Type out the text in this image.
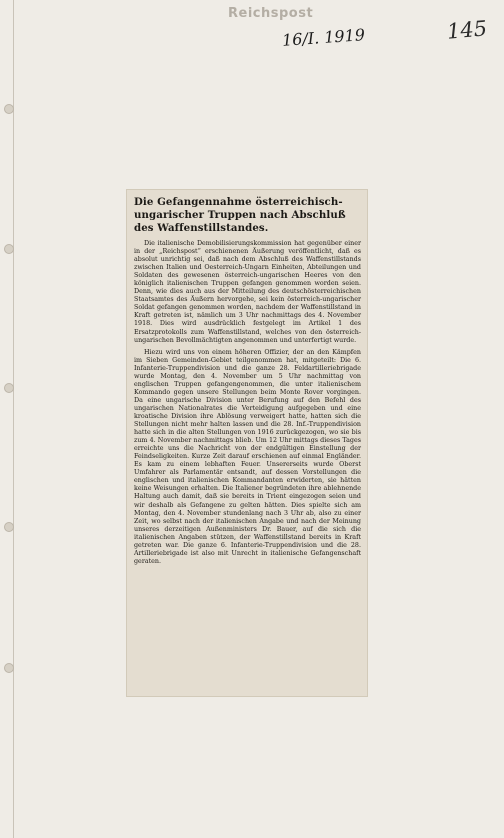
Reichspost
16/I. 1919	145
Die Gefangennahme österreichisch-ungarischer Truppen nach Abschluß des Waffenstillstandes.

Die italienische Demobilisierungskommission hat gegenüber einer in der „Reichspost“ erschienenen Äußerung veröffentlicht, daß es absolut unrichtig sei, daß nach dem Abschluß des Waffenstillstands zwischen Italien und Oesterreich-Ungarn Einheiten, Abteilungen und Soldaten des gewesenen österreich-ungarischen Heeres von den königlich italienischen Truppen gefangen genommen worden seien. Denn, wie dies auch aus der Mitteilung des deutschösterreichischen Staatsamtes des Äußern hervorgehe, sei kein österreich-ungarischer Soldat gefangen genommen worden, nachdem der Waffenstillstand in Kraft getreten ist, nämlich um 3 Uhr nachmittags des 4. November 1918. Dies wird ausdrücklich festgelegt im Artikel 1 des Ersatzprotokolls zum Waffenstillstand, welches von den österreich-ungarischen Bevollmächtigten angenommen und unterfertigt wurde.

Hiezu wird uns von einem höheren Offizier, der an den Kämpfen im Sieben Gemeinden-Gebiet teilgenommen hat, mitgeteilt: Die 6. Infanterie-Truppendivision und die ganze 28. Feldartilleriebrigade wurde Montag, den 4. November um 5 Uhr nachmittag von englischen Truppen gefangengenommen, die unter italienischem Kommando gegen unsere Stellungen beim Monte Rover vorgingen. Da eine ungarische Division unter Berufung auf den Befehl des ungarischen Nationalrates die Verteidigung aufgegeben und eine kroatische Division ihre Ablösung verweigert hatte, hatten sich die Stellungen nicht mehr halten lassen und die 28. Inf.-Truppendivision hatte sich in die alten Stellungen von 1916 zurückgezogen, wo sie bis zum 4. November nachmittags blieb. Um 12 Uhr mittags dieses Tages erreichte uns die Nachricht von der endgültigen Einstellung der Feindseligkeiten. Kurze Zeit darauf erschienen auf einmal Engländer. Es kam zu einem lebhaften Feuer. Unsererseits wurde Oberst Umfahrer als Parlamentär entsandt, auf dessen Vorstellungen die englischen und italienischen Kommandanten erwiderten, sie hätten keine Weisungen erhalten. Die Italiener begründeten ihre ablehnende Haltung auch damit, daß sie bereits in Trient eingezogen seien und wir deshalb als Gefangene zu gelten hätten. Dies spielte sich am Montag, den 4. November stundenlang nach 3 Uhr ab, also zu einer Zeit, wo selbst nach der italienischen Angabe und nach der Meinung unseres derzeitigen Außenministers Dr. Bauer, auf die sich die italienischen Angaben stützen, der Waffenstillstand bereits in Kraft getreten war. Die ganze 6. Infanterie-Truppendivision und die 28. Artilleriebrigade ist also mit Unrecht in italienische Gefangenschaft geraten.
